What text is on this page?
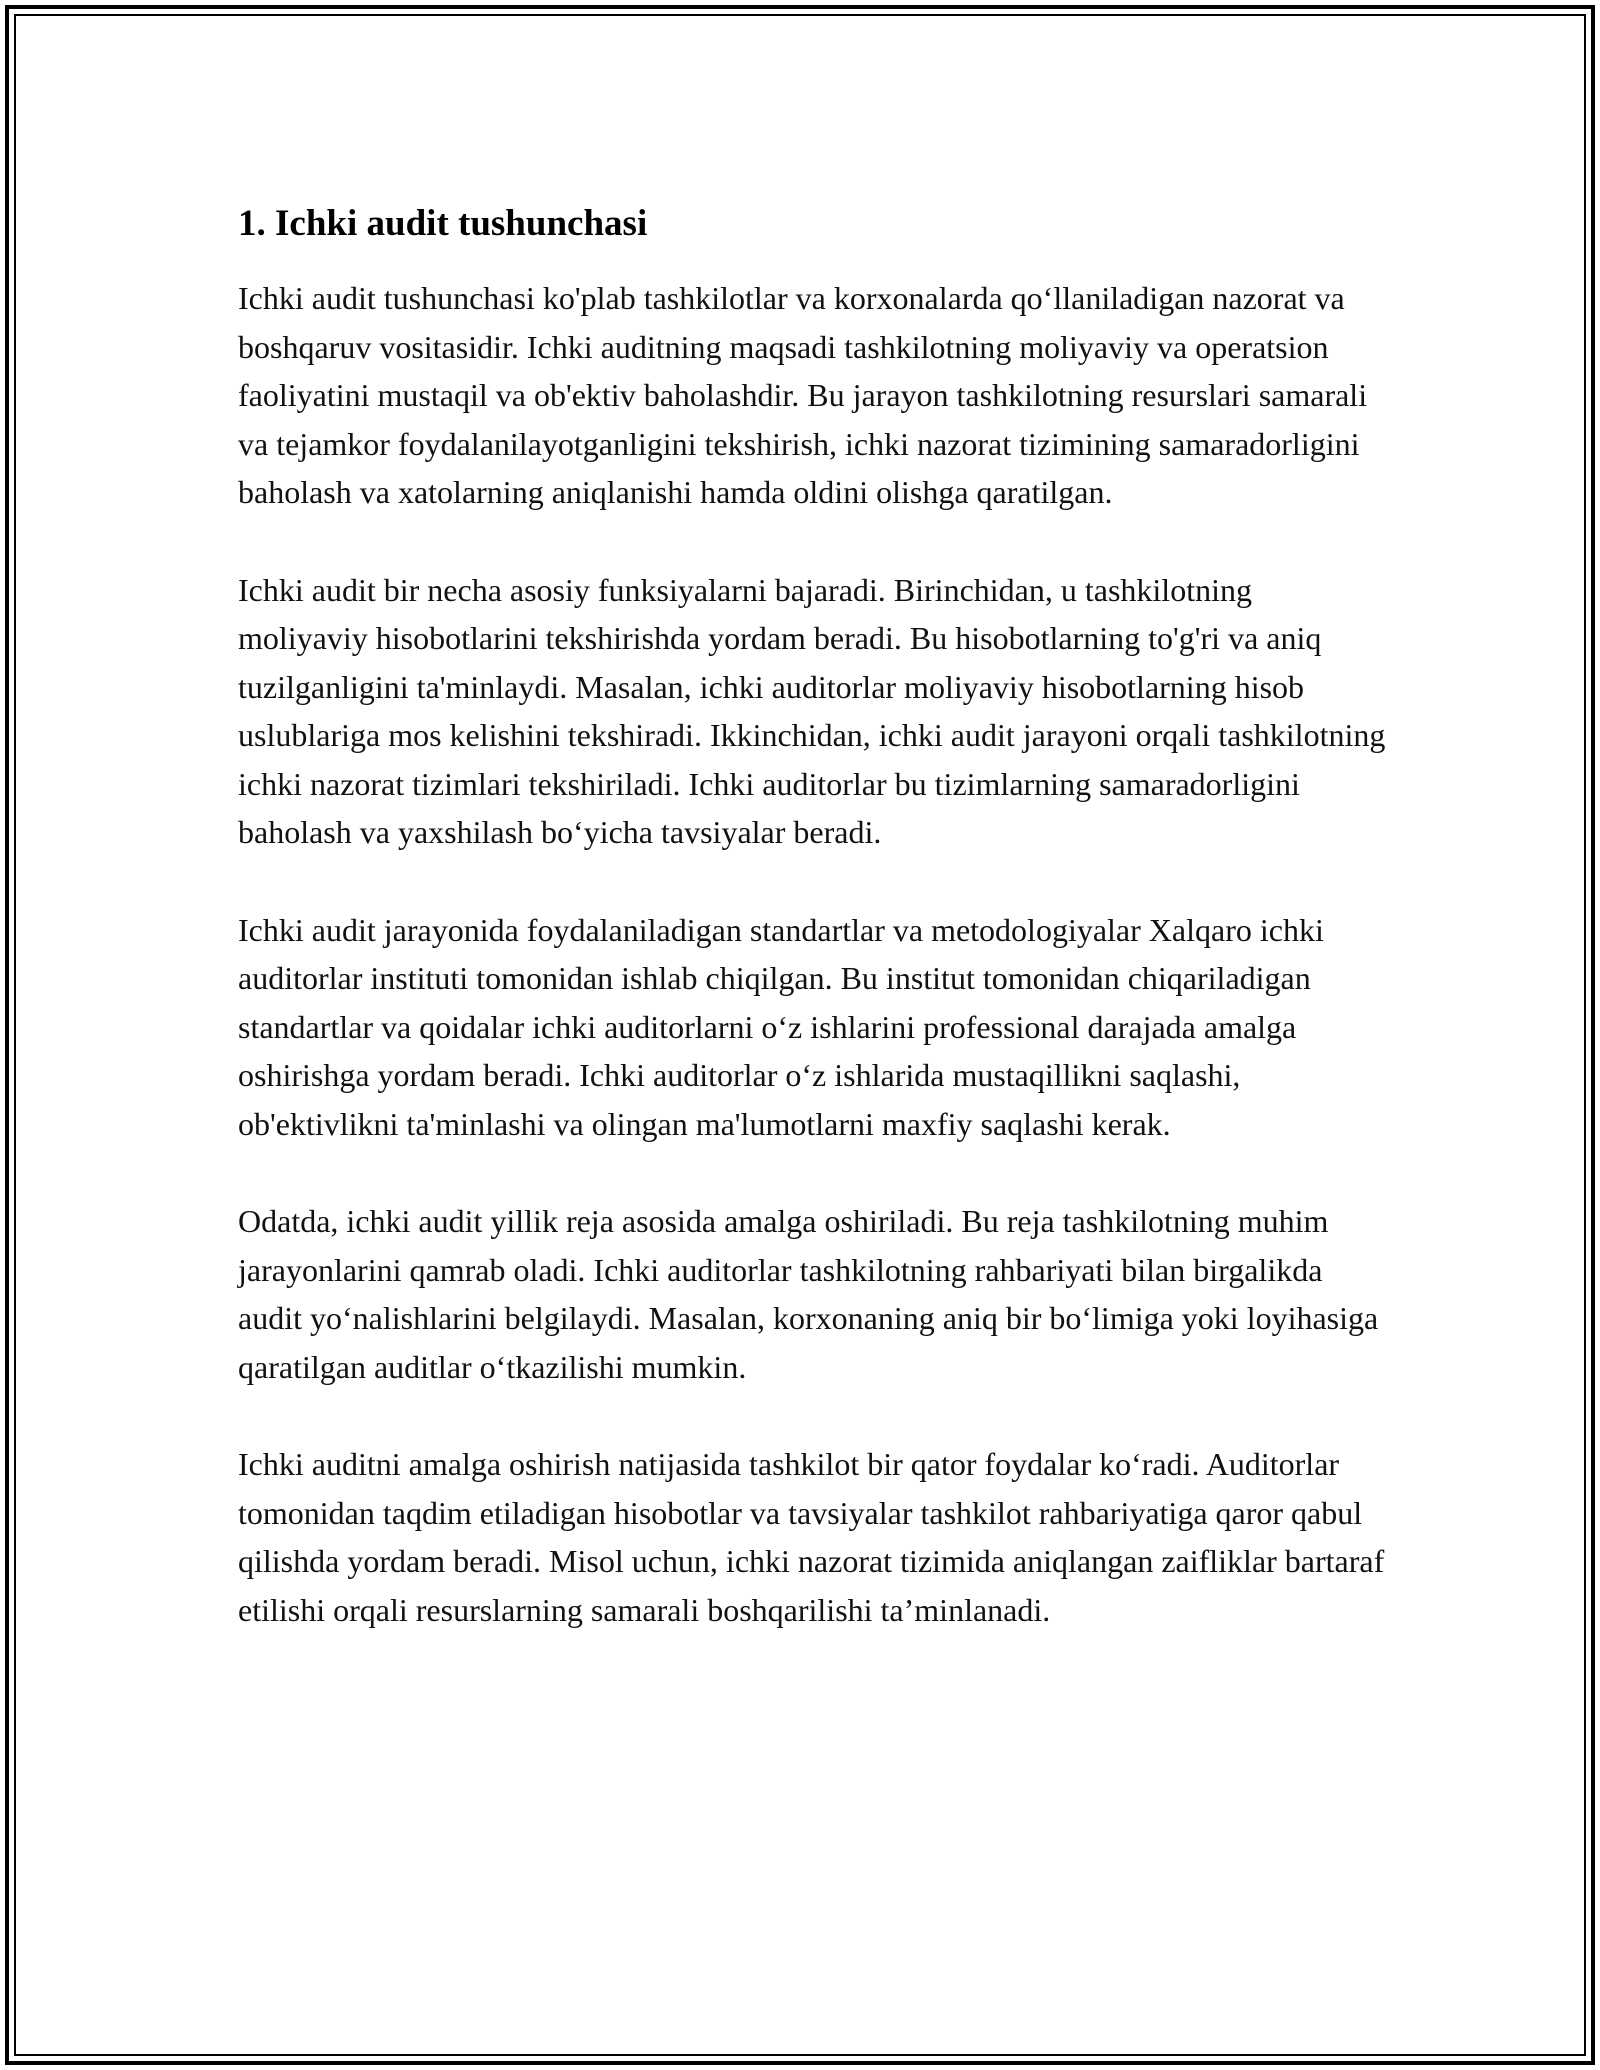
1. Ichki audit tushunchasi

Ichki audit tushunchasi ko'plab tashkilotlar va korxonalarda qo‘llaniladigan nazorat va boshqaruv vositasidir. Ichki auditning maqsadi tashkilotning moliyaviy va operatsion faoliyatini mustaqil va ob'ektiv baholashdir. Bu jarayon tashkilotning resurslari samarali va tejamkor foydalanilayotganligini tekshirish, ichki nazorat tizimining samaradorligini baholash va xatolarning aniqlanishi hamda oldini olishga qaratilgan.

Ichki audit bir necha asosiy funksiyalarni bajaradi. Birinchidan, u tashkilotning moliyaviy hisobotlarini tekshirishda yordam beradi. Bu hisobotlarning to'g'ri va aniq tuzilganligini ta'minlaydi. Masalan, ichki auditorlar moliyaviy hisobotlarning hisob uslublariga mos kelishini tekshiradi. Ikkinchidan, ichki audit jarayoni orqali tashkilotning ichki nazorat tizimlari tekshiriladi. Ichki auditorlar bu tizimlarning samaradorligini baholash va yaxshilash bo‘yicha tavsiyalar beradi.

Ichki audit jarayonida foydalaniladigan standartlar va metodologiyalar Xalqaro ichki auditorlar instituti tomonidan ishlab chiqilgan. Bu institut tomonidan chiqariladigan standartlar va qoidalar ichki auditorlarni o‘z ishlarini professional darajada amalga oshirishga yordam beradi. Ichki auditorlar o‘z ishlarida mustaqillikni saqlashi, ob'ektivlikni ta'minlashi va olingan ma'lumotlarni maxfiy saqlashi kerak.

Odatda, ichki audit yillik reja asosida amalga oshiriladi. Bu reja tashkilotning muhim jarayonlarini qamrab oladi. Ichki auditorlar tashkilotning rahbariyati bilan birgalikda audit yo‘nalishlarini belgilaydi. Masalan, korxonaning aniq bir bo‘limiga yoki loyihasiga qaratilgan auditlar o‘tkazilishi mumkin.

Ichki auditni amalga oshirish natijasida tashkilot bir qator foydalar ko‘radi. Auditorlar tomonidan taqdim etiladigan hisobotlar va tavsiyalar tashkilot rahbariyatiga qaror qabul qilishda yordam beradi. Misol uchun, ichki nazorat tizimida aniqlangan zaifliklar bartaraf etilishi orqali resurslarning samarali boshqarilishi ta’minlanadi.
